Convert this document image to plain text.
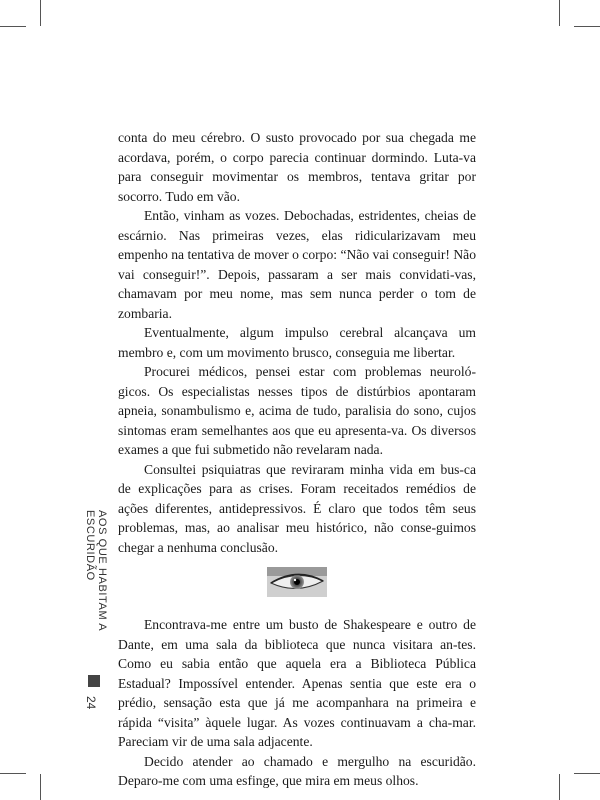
conta do meu cérebro. O susto provocado por sua chegada me acordava, porém, o corpo parecia continuar dormindo. Luta-va para conseguir movimentar os membros, tentava gritar por socorro. Tudo em vão.

Então, vinham as vozes. Debochadas, estridentes, cheias de escárnio. Nas primeiras vezes, elas ridicularizavam meu empenho na tentativa de mover o corpo: “Não vai conseguir! Não vai conseguir!”. Depois, passaram a ser mais convidati-vas, chamavam por meu nome, mas sem nunca perder o tom de zombaria.

Eventualmente, algum impulso cerebral alcançava um membro e, com um movimento brusco, conseguia me libertar.

Procurei médicos, pensei estar com problemas neuroló-gicos. Os especialistas nesses tipos de distúrbios apontaram apneia, sonambulismo e, acima de tudo, paralisia do sono, cujos sintomas eram semelhantes aos que eu apresenta-va. Os diversos exames a que fui submetido não revelaram nada.

Consultei psiquiatras que reviraram minha vida em bus-ca de explicações para as crises. Foram receitados remédios de ações diferentes, antidepressivos. É claro que todos têm seus problemas, mas, ao analisar meu histórico, não conse-guimos chegar a nenhuma conclusão.

Encontrava-me entre um busto de Shakespeare e outro de Dante, em uma sala da biblioteca que nunca visitara an-tes. Como eu sabia então que aquela era a Biblioteca Pública Estadual? Impossível entender. Apenas sentia que este era o prédio, sensação esta que já me acompanhara na primeira e rápida “visita” àquele lugar. As vozes continuavam a cha-mar. Pareciam vir de uma sala adjacente.

Decido atender ao chamado e mergulho na escuridão. Deparo-me com uma esfinge, que mira em meus olhos.

AOS QUE HABITAM A ESCURIDÃO
24
